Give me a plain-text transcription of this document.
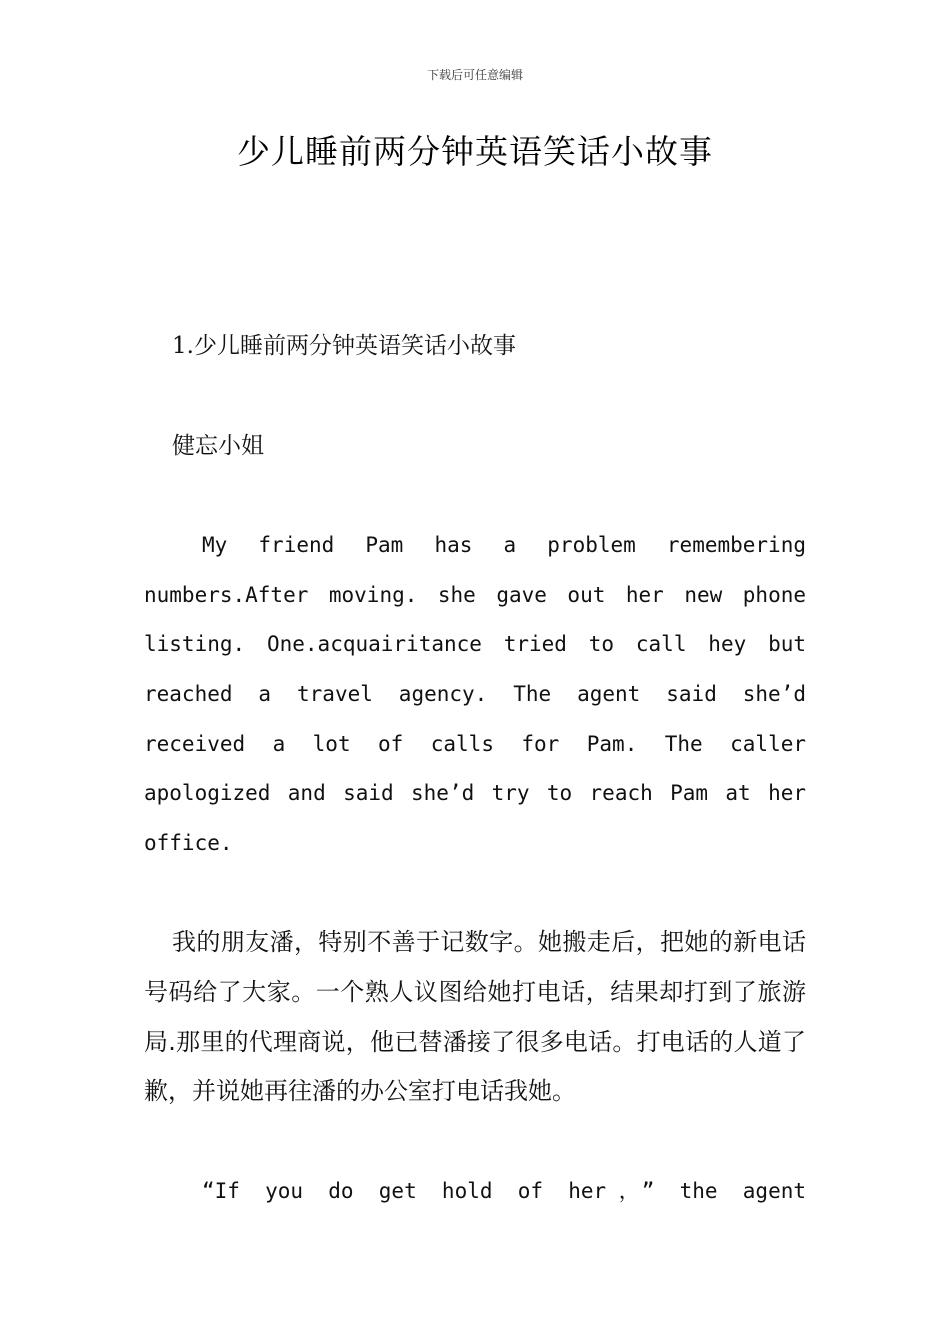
下载后可任意编辑
少儿睡前两分钟英语笑话小故事

1.少儿睡前两分钟英语笑话小故事

健忘小姐

My friend Pam has a problem remembering numbers.After moving. she gave out her new phone listing. One.acquairitance tried to call hey but reached a travel agency. The agent said she’d received a lot of calls for Pam. The caller apologized and said she’d try to reach Pam at her office.

我的朋友潘，特别不善于记数字。她搬走后，把她的新电话号码给了大家。一个熟人议图给她打电话，结果却打到了旅游局.那里的代理商说，他已替潘接了很多电话。打电话的人道了歉，并说她再往潘的办公室打电话我她。

“If you do get hold of her，” the agent
